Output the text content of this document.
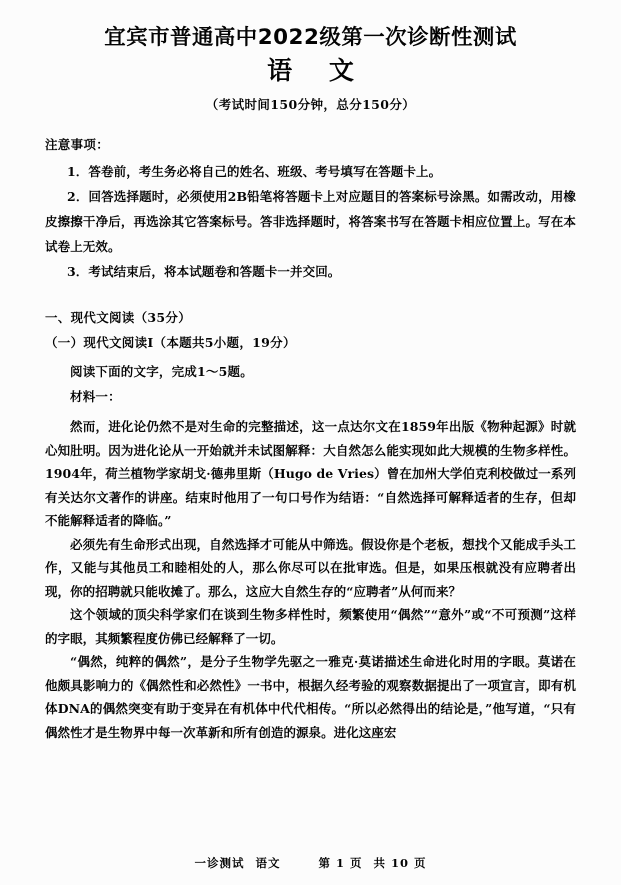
宜宾市普通高中2022级第一次诊断性测试
语 文

（考试时间150分钟，总分150分）

注意事项：

1．答卷前，考生务必将自己的姓名、班级、考号填写在答题卡上。

2．回答选择题时，必须使用2B铅笔将答题卡上对应题目的答案标号涂黑。如需改动，用橡皮擦擦干净后，再选涂其它答案标号。答非选择题时，将答案书写在答题卡相应位置上。写在本试卷上无效。

3．考试结束后，将本试题卷和答题卡一并交回。

一、现代文阅读（35分）

（一）现代文阅读Ⅰ（本题共5小题，19分）

阅读下面的文字，完成1～5题。

材料一：

然而，进化论仍然不是对生命的完整描述，这一点达尔文在1859年出版《物种起源》时就心知肚明。因为进化论从一开始就并未试图解释：大自然怎么能实现如此大规模的生物多样性。1904年，荷兰植物学家胡戈·德弗里斯（Hugo de Vries）曾在加州大学伯克利校做过一系列有关达尔文著作的讲座。结束时他用了一句口号作为结语：“自然选择可解释适者的生存，但却不能解释适者的降临。”

必须先有生命形式出现，自然选择才可能从中筛选。假设你是个老板，想找个又能成手头工作，又能与其他员工和睦相处的人，那么你尽可以在批审选。但是，如果压根就没有应聘者出现，你的招聘就只能收摊了。那么，这应大自然生存的“应聘者”从何而来？

这个领域的顶尖科学家们在谈到生物多样性时，频繁使用“偶然”“意外”或“不可预测”这样的字眼，其频繁程度仿佛已经解释了一切。

“偶然，纯粹的偶然”，是分子生物学先驱之一雅克·莫诺描述生命进化时用的字眼。莫诺在他颇具影响力的《偶然性和必然性》一书中，根据久经考验的观察数据提出了一项宣言，即有机体DNA的偶然突变有助于变异在有机体中代代相传。“所以必然得出的结论是，”他写道，“只有偶然性才是生物界中每一次革新和所有创造的源泉。进化这座宏

一诊测试 语文	第 1 页 共 10 页
